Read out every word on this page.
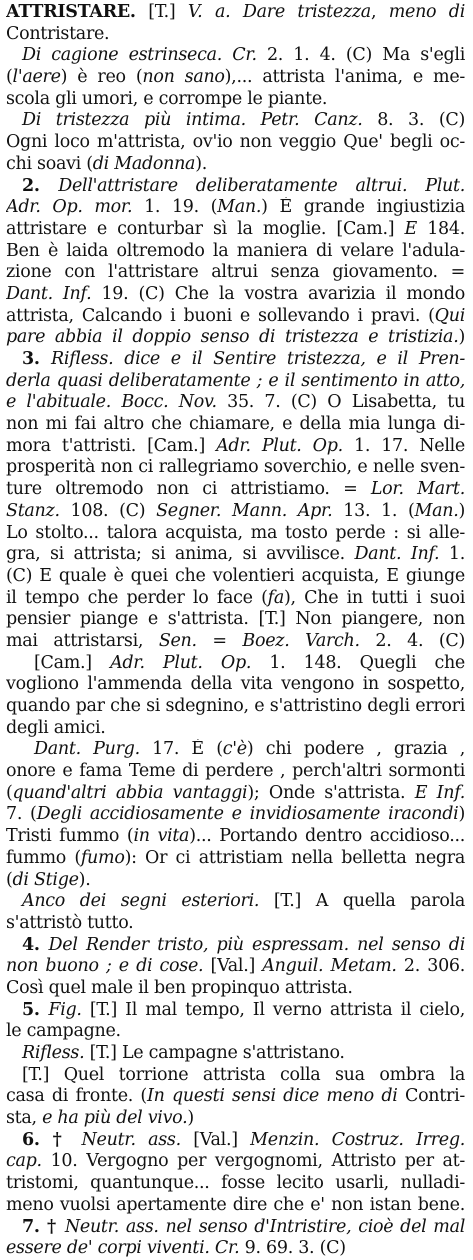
ATTRISTARE. [T.] V. a. Dare tristezza, meno di
Contristare.
Di cagione estrinseca. Cr. 2. 1. 4. (C) Ma s'egli
(l'aere) è reo (non sano),... attrista l'anima, e me-
scola gli umori, e corrompe le piante.
Di tristezza più intima. Petr. Canz. 8. 3. (C)
Ogni loco m'attrista, ov'io non veggio Que' begli oc-
chi soavi (di Madonna).
2. Dell'attristare deliberatamente altrui. Plut.
Adr. Op. mor. 1. 19. (Man.) È grande ingiustizia
attristare e conturbar sì la moglie. [Cam.] E 184.
Ben è laida oltremodo la maniera di velare l'adula-
zione con l'attristare altrui senza giovamento. =
Dant. Inf. 19. (C) Che la vostra avarizia il mondo
attrista, Calcando i buoni e sollevando i pravi. (Qui
pare abbia il doppio senso di tristezza e tristizia.)
3. Rifless. dice e il Sentire tristezza, e il Pren-
derla quasi deliberatamente ; e il sentimento in atto,
e l'abituale. Bocc. Nov. 35. 7. (C) O Lisabetta, tu
non mi fai altro che chiamare, e della mia lunga di-
mora t'attristi. [Cam.] Adr. Plut. Op. 1. 17. Nelle
prosperità non ci rallegriamo soverchio, e nelle sven-
ture oltremodo non ci attristiamo. = Lor. Mart.
Stanz. 108. (C) Segner. Mann. Apr. 13. 1. (Man.)
Lo stolto... talora acquista, ma tosto perde : si alle-
gra, si attrista; si anima, si avvilisce. Dant. Inf. 1.
(C) E quale è quei che volentieri acquista, E giunge
il tempo che perder lo face (fa), Che in tutti i suoi
pensier piange e s'attrista. [T.] Non piangere, non
mai attristarsi, Sen. = Boez. Varch. 2. 4. (C)
[Cam.] Adr. Plut. Op. 1. 148. Quegli che
vogliono l'ammenda della vita vengono in sospetto,
quando par che si sdegnino, e s'attristino degli errori
degli amici.
Dant. Purg. 17. È (c'è) chi podere , grazia ,
onore e fama Teme di perdere , perch'altri sormonti
(quand'altri abbia vantaggi); Onde s'attrista. E Inf.
7. (Degli accidiosamente e invidiosamente iracondi)
Tristi fummo (in vita)... Portando dentro accidioso...
fummo (fumo): Or ci attristiam nella belletta negra
(di Stige).
Anco dei segni esteriori. [T.] A quella parola
s'attristò tutto.
4. Del Render tristo, più espressam. nel senso di
non buono ; e di cose. [Val.] Anguil. Metam. 2. 306.
Così quel male il ben propinquo attrista.
5. Fig. [T.] Il mal tempo, Il verno attrista il cielo,
le campagne.
Rifless. [T.] Le campagne s'attristano.
[T.] Quel torrione attrista colla sua ombra la
casa di fronte. (In questi sensi dice meno di Contri-
sta, e ha più del vivo.)
6. † Neutr. ass. [Val.] Menzin. Costruz. Irreg.
cap. 10. Vergogno per vergognomi, Attristo per at-
tristomi, quantunque... fosse lecito usarli, nulladi-
meno vuolsi apertamente dire che e' non istan bene.
7. † Neutr. ass. nel senso d'Intristire, cioè del mal
essere de' corpi viventi. Cr. 9. 69. 3. (C)
